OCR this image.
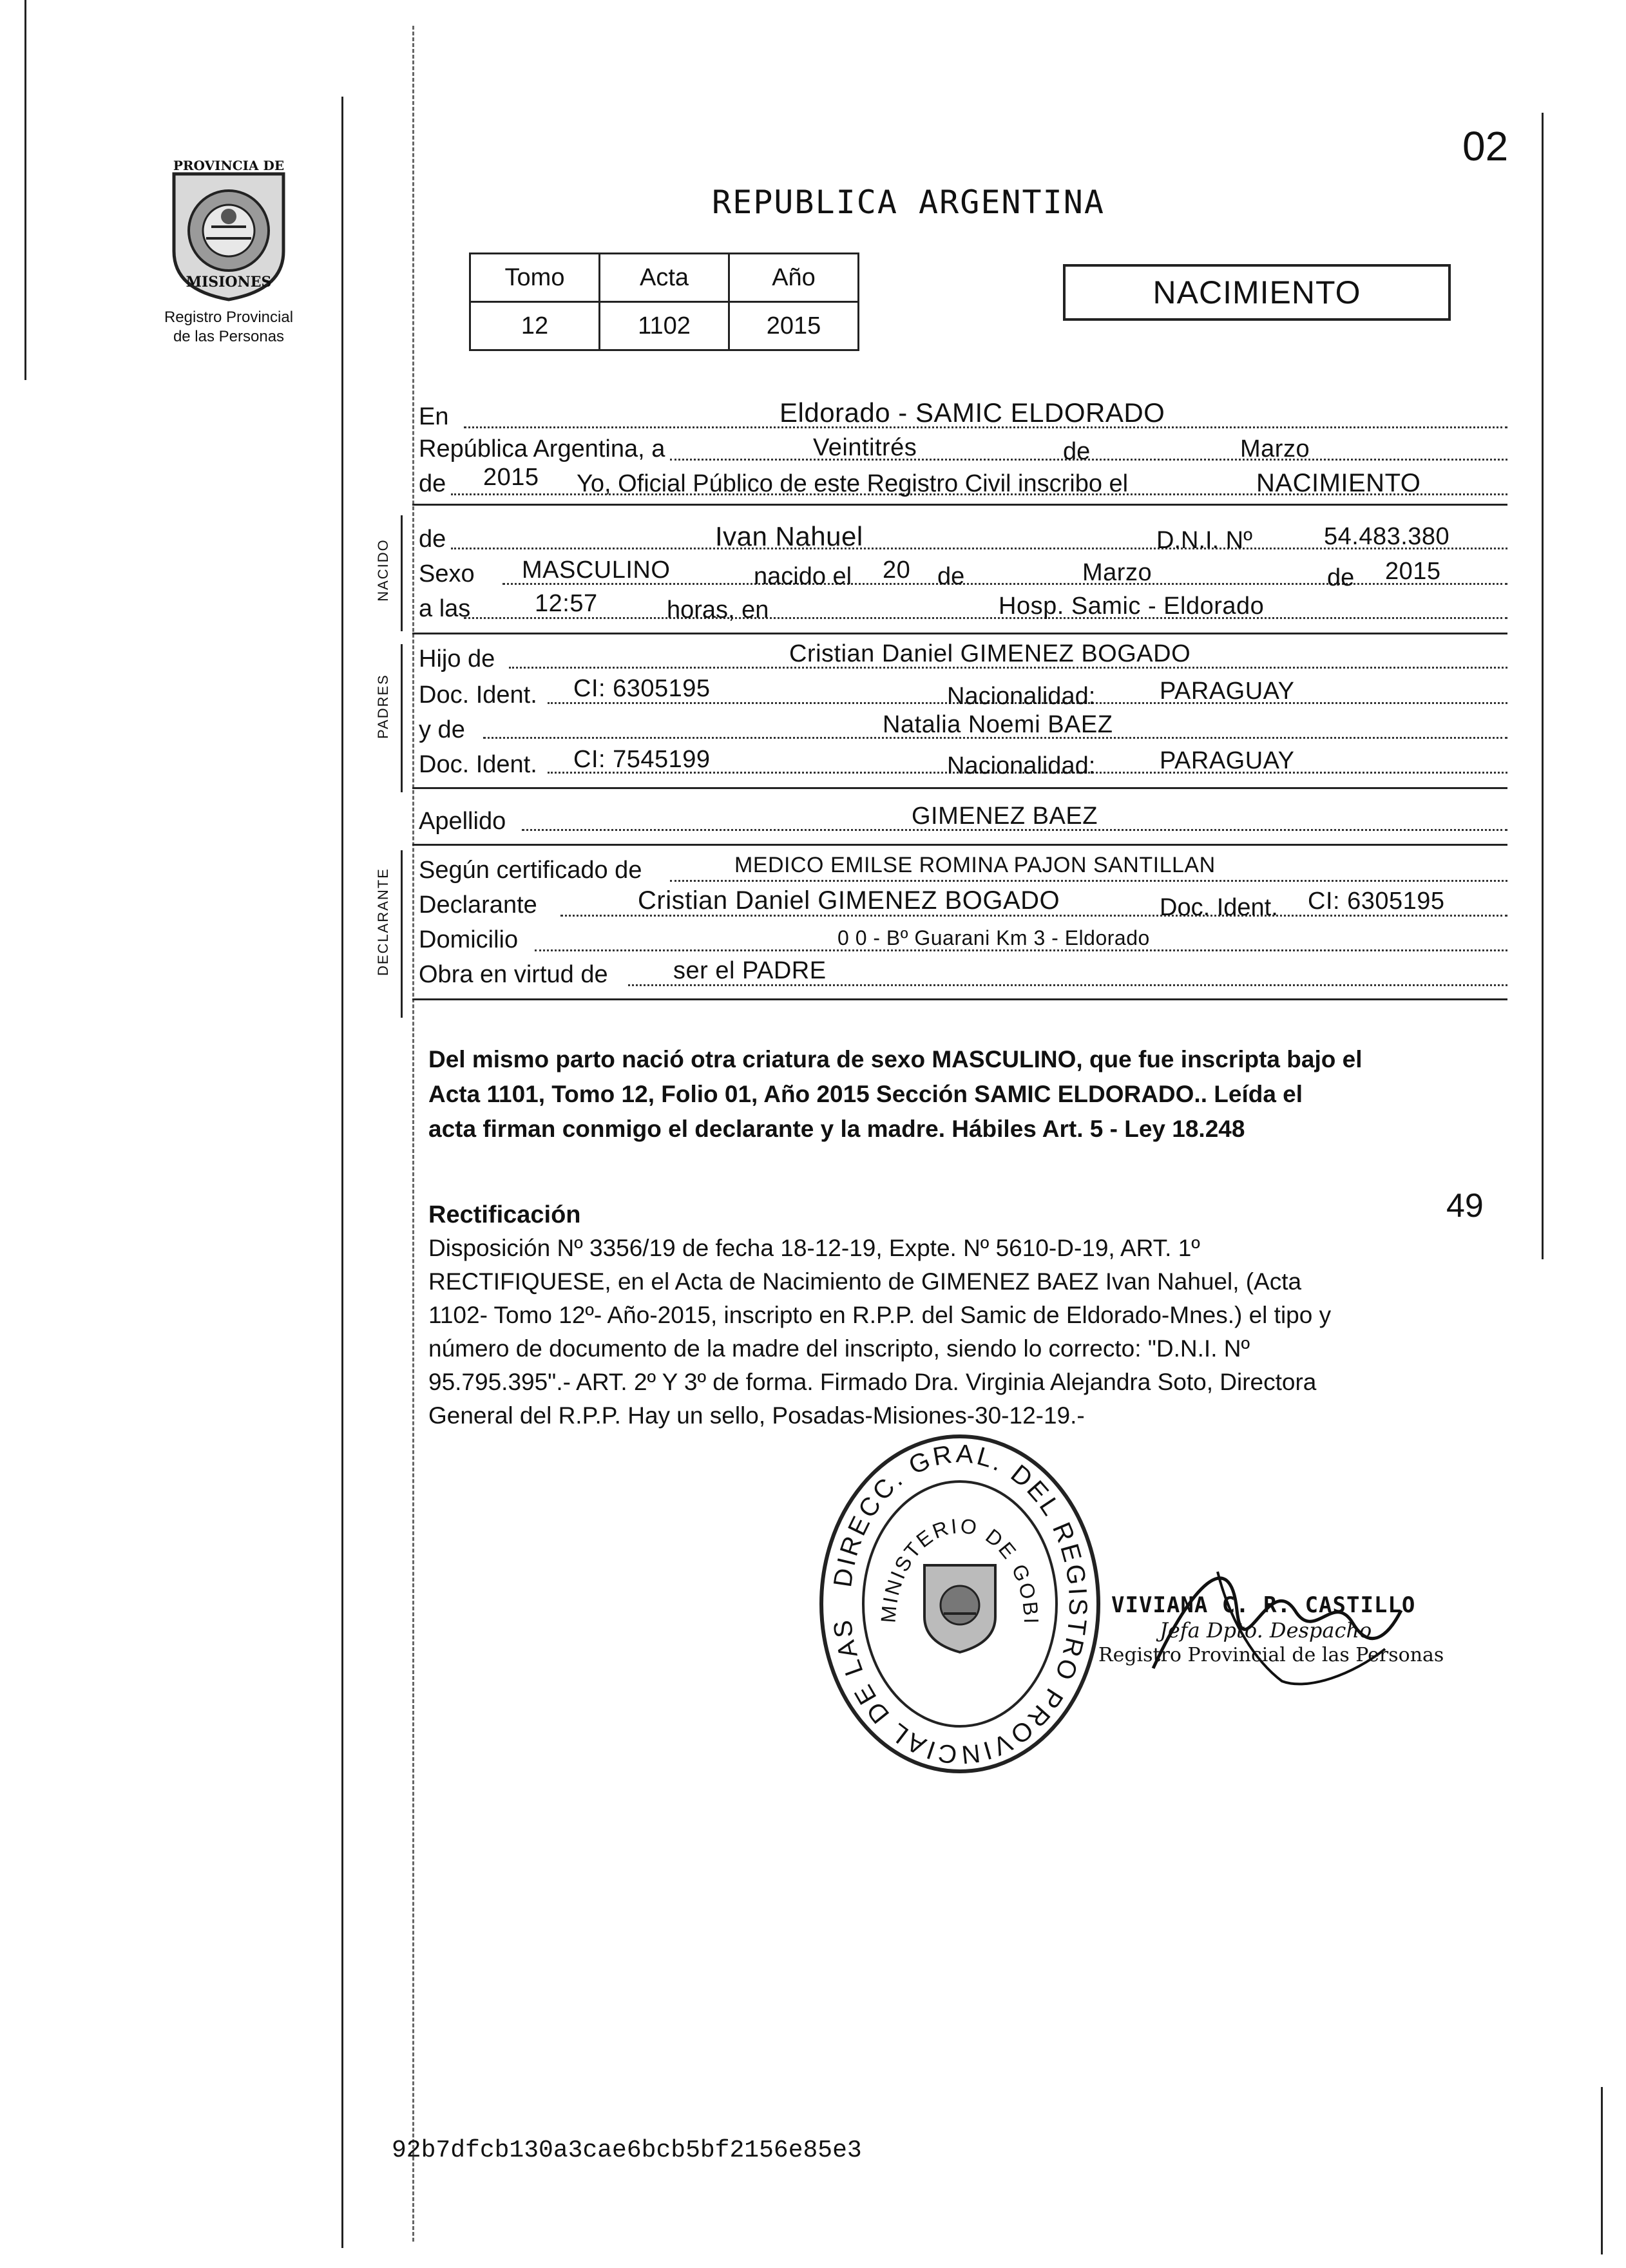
PROVINCIA DE
MISIONES
Registro Provincial
de las Personas
02
REPUBLICA ARGENTINA
Tomo	Acta	Año
12	1102	2015
NACIMIENTO
NACIDO
PADRES
DECLARANTE
En	Eldorado - SAMIC ELDORADO
República Argentina, a	Veintitrés	de	Marzo
de 2015 Yo, Oficial Público de este Registro Civil inscribo el	NACIMIENTO
de	Ivan Nahuel	D.N.I. Nº	54.483.380
Sexo MASCULINO	nacido el 20 de	Marzo	de 2015
a las	12:57	horas, en	Hosp. Samic - Eldorado
Hijo de	Cristian Daniel GIMENEZ BOGADO
Doc. Ident. CI: 6305195	Nacionalidad:	PARAGUAY
y de	Natalia Noemi BAEZ
Doc. Ident. CI: 7545199	Nacionalidad:	PARAGUAY
Apellido	GIMENEZ BAEZ
Según certificado de	MEDICO EMILSE ROMINA PAJON SANTILLAN
Declarante	Cristian Daniel GIMENEZ BOGADO	Doc. Ident. CI: 6305195
Domicilio	0 0 - Bº Guarani Km 3 - Eldorado
Obra en virtud de	ser el PADRE
Del mismo parto nació otra criatura de sexo MASCULINO, que fue inscripta bajo el
Acta 1101, Tomo 12, Folio 01, Año 2015 Sección SAMIC ELDORADO.. Leída el
acta firman conmigo el declarante y la madre. Hábiles Art. 5 - Ley 18.248
Rectificación	49
Disposición Nº 3356/19 de fecha 18-12-19, Expte. Nº 5610-D-19, ART. 1º
RECTIFIQUESE, en el Acta de Nacimiento de GIMENEZ BAEZ Ivan Nahuel, (Acta
1102- Tomo 12º- Año-2015, inscripto en R.P.P. del Samic de Eldorado-Mnes.) el tipo y
número de documento de la madre del inscripto, siendo lo correcto: "D.N.I. Nº
95.795.395".- ART. 2º Y 3º de forma. Firmado Dra. Virginia Alejandra Soto, Directora
General del R.P.P. Hay un sello, Posadas-Misiones-30-12-19.-
DIRECC. GRAL. DEL REGISTRO PROVINCIAL DE LAS
MINISTERIO DE GOBI
VIVIANA C. R. CASTILLO
Jefa Dpto. Despacho
Registro Provincial de las Personas
92b7dfcb130a3cae6bcb5bf2156e85e3
